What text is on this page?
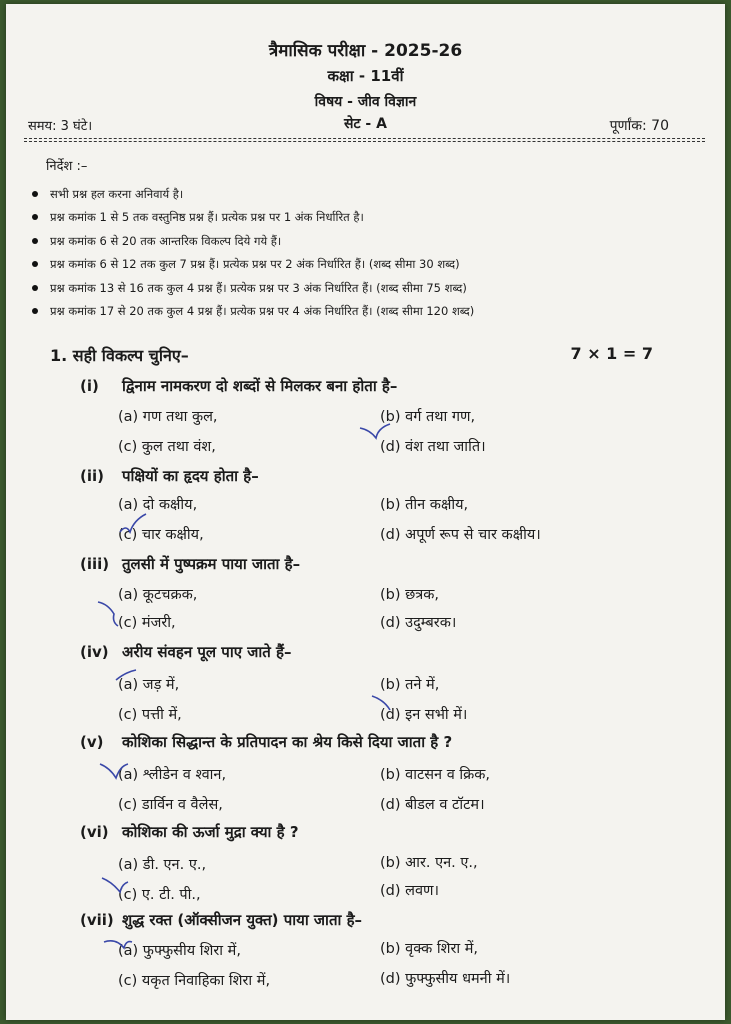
त्रैमासिक परीक्षा - 2025-26
कक्षा - 11वीं
विषय - जीव विज्ञान
सेट - A
समय: 3 घंटे।	पूर्णांक: 70
निर्देश :–
सभी प्रश्न हल करना अनिवार्य है।
प्रश्न कमांक 1 से 5 तक वस्तुनिष्ठ प्रश्न हैं। प्रत्येक प्रश्न पर 1 अंक निर्धारित है।
प्रश्न कमांक 6 से 20 तक आन्तरिक विकल्प दिये गये हैं।
प्रश्न कमांक 6 से 12 तक कुल 7 प्रश्न हैं। प्रत्येक प्रश्न पर 2 अंक निर्धारित हैं। (शब्द सीमा 30 शब्द)
प्रश्न कमांक 13 से 16 तक कुल 4 प्रश्न हैं। प्रत्येक प्रश्न पर 3 अंक निर्धारित हैं। (शब्द सीमा 75 शब्द)
प्रश्न कमांक 17 से 20 तक कुल 4 प्रश्न हैं। प्रत्येक प्रश्न पर 4 अंक निर्धारित हैं। (शब्द सीमा 120 शब्द)
1. सही विकल्प चुनिए–	7 × 1 = 7
(i) द्विनाम नामकरण दो शब्दों से मिलकर बना होता है–
(a) गण तथा कुल,	(b) वर्ग तथा गण,
(c) कुल तथा वंश,	(d) वंश तथा जाति।
(ii) पक्षियों का हृदय होता है–
(a) दो कक्षीय,	(b) तीन कक्षीय,
(c) चार कक्षीय,	(d) अपूर्ण रूप से चार कक्षीय।
(iii) तुलसी में पुष्पक्रम पाया जाता है–
(a) कूटचक्रक,	(b) छत्रक,
(c) मंजरी,	(d) उदुम्बरक।
(iv) अरीय संवहन पूल पाए जाते हैं–
(a) जड़ में,	(b) तने में,
(c) पत्ती में,	(d) इन सभी में।
(v) कोशिका सिद्धान्त के प्रतिपादन का श्रेय किसे दिया जाता है ?
(a) श्लीडेन व श्वान,	(b) वाटसन व क्रिक,
(c) डार्विन व वैलेस,	(d) बीडल व टॉटम।
(vi) कोशिका की ऊर्जा मुद्रा क्या है ?
(a) डी. एन. ए.,	(b) आर. एन. ए.,
(c) ए. टी. पी.,	(d) लवण।
(vii) शुद्ध रक्त (ऑक्सीजन युक्त) पाया जाता है–
(a) फुफ्फुसीय शिरा में,	(b) वृक्क शिरा में,
(c) यकृत निवाहिका शिरा में,	(d) फुफ्फुसीय धमनी में।
